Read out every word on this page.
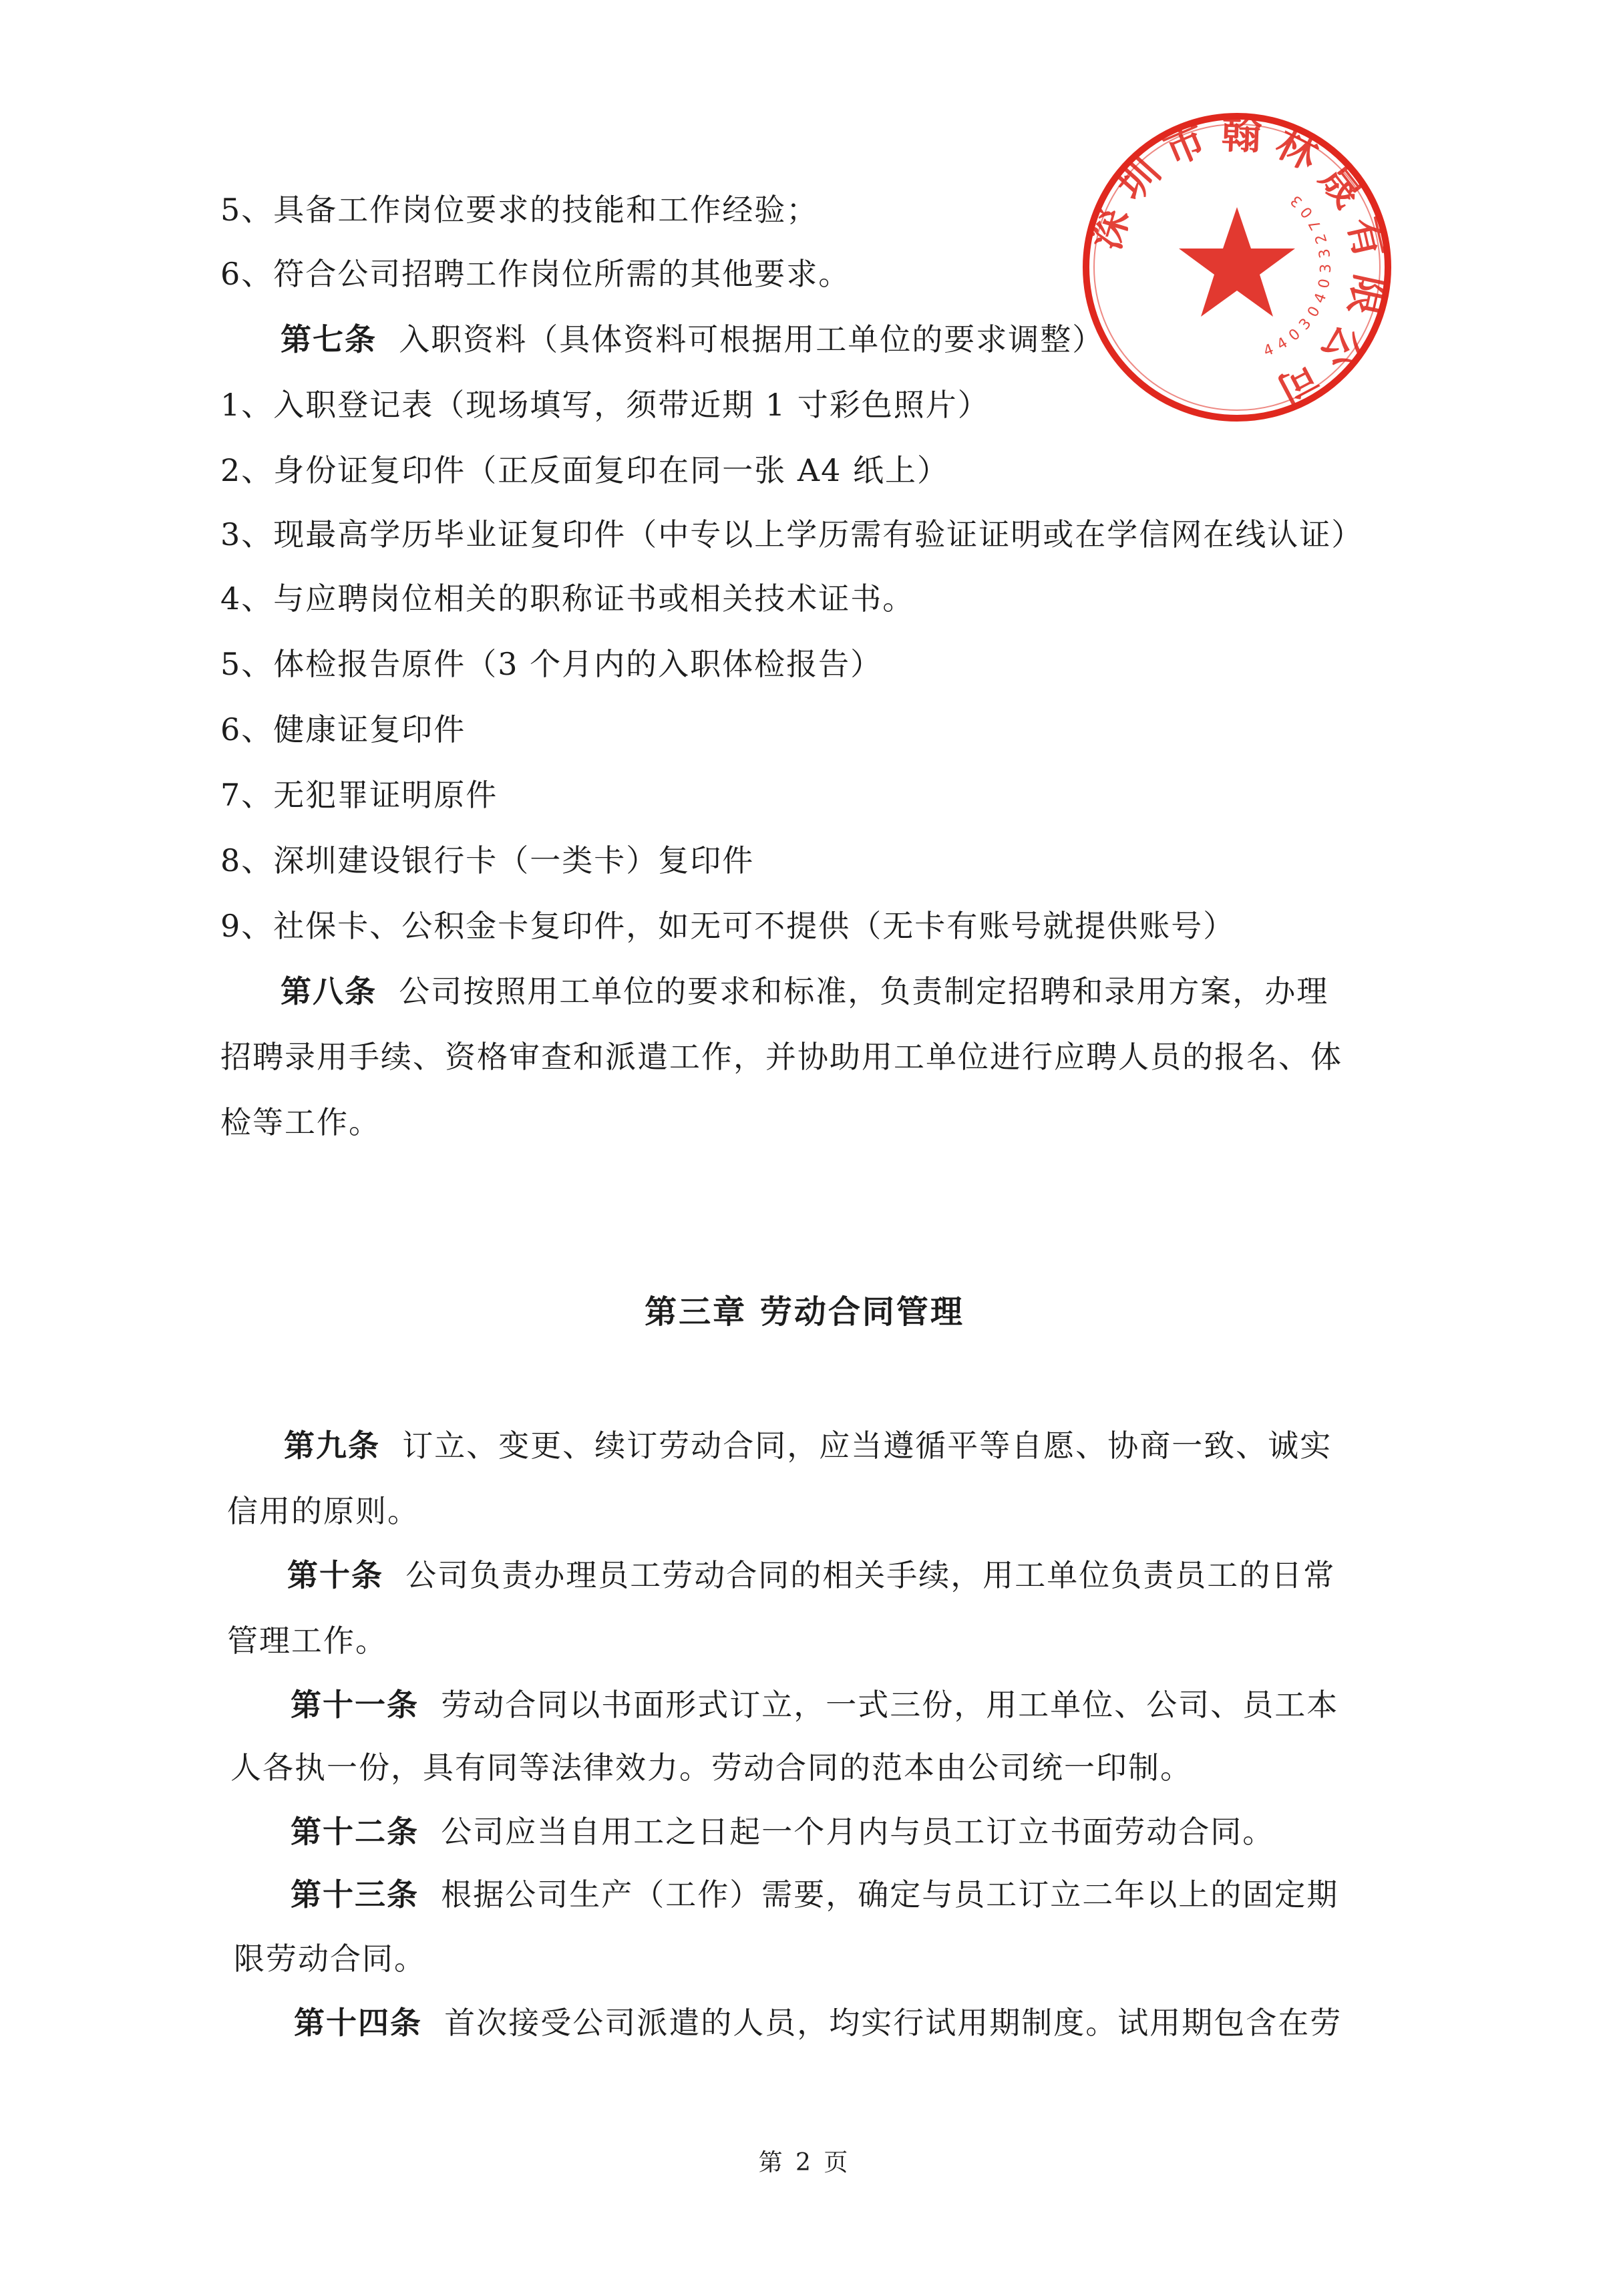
5、具备工作岗位要求的技能和工作经验；
6、符合公司招聘工作岗位所需的其他要求。
第七条 入职资料（具体资料可根据用工单位的要求调整）
1、入职登记表（现场填写，须带近期 1 寸彩色照片）
2、身份证复印件（正反面复印在同一张 A4 纸上）
3、现最高学历毕业证复印件（中专以上学历需有验证证明或在学信网在线认证）
4、与应聘岗位相关的职称证书或相关技术证书。
5、体检报告原件（3 个月内的入职体检报告）
6、健康证复印件
7、无犯罪证明原件
8、深圳建设银行卡（一类卡）复印件
9、社保卡、公积金卡复印件，如无可不提供（无卡有账号就提供账号）
第八条 公司按照用工单位的要求和标准，负责制定招聘和录用方案，办理
招聘录用手续、资格审查和派遣工作，并协助用工单位进行应聘人员的报名、体
检等工作。
第三章 劳动合同管理
第九条 订立、变更、续订劳动合同，应当遵循平等自愿、协商一致、诚实
信用的原则。
第十条 公司负责办理员工劳动合同的相关手续，用工单位负责员工的日常
管理工作。
第十一条 劳动合同以书面形式订立，一式三份，用工单位、公司、员工本
人各执一份，具有同等法律效力。劳动合同的范本由公司统一印制。
第十二条 公司应当自用工之日起一个月内与员工订立书面劳动合同。
第十三条 根据公司生产（工作）需要，确定与员工订立二年以上的固定期
限劳动合同。
第十四条 首次接受公司派遣的人员，均实行试用期制度。试用期包含在劳
第 2 页
深圳市翰林晟有限公司
4403040332703
